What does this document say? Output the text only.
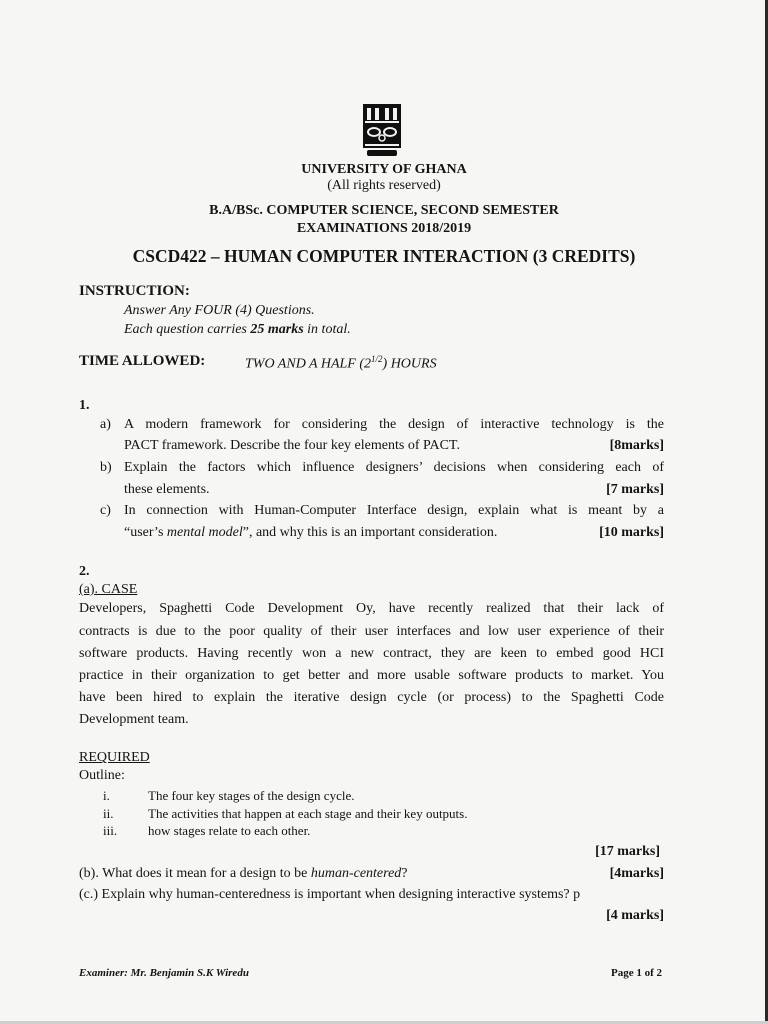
UNIVERSITY OF GHANA
(All rights reserved)
B.A/BSc. COMPUTER SCIENCE, SECOND SEMESTER
EXAMINATIONS 2018/2019
CSCD422 – HUMAN COMPUTER INTERACTION (3 CREDITS)
INSTRUCTION:
Answer Any FOUR (4) Questions.
Each question carries 25 marks in total.
TIME ALLOWED:	TWO AND A HALF $(2^{1/2})$ HOURS
1.
a) A modern framework for considering the design of interactive technology is the
PACT framework. Describe the four key elements of PACT.	[8marks]
b) Explain the factors which influence designers’ decisions when considering each of
these elements.	[7 marks]
c) In connection with Human-Computer Interface design, explain what is meant by a
“user’s mental model”, and why this is an important consideration.	[10 marks]
2.
(a). CASE
Developers, Spaghetti Code Development Oy, have recently realized that their lack of
contracts is due to the poor quality of their user interfaces and low user experience of their
software products. Having recently won a new contract, they are keen to embed good HCI
practice in their organization to get better and more usable software products to market. You
have been hired to explain the iterative design cycle (or process) to the Spaghetti Code
Development team.
REQUIRED
Outline:
i.	The four key stages of the design cycle.
ii.	The activities that happen at each stage and their key outputs.
iii. how stages relate to each other.
[17 marks]
(b). What does it mean for a design to be human-centered?	[4marks]
(c.) Explain why human-centeredness is important when designing interactive systems? p
[4 marks]
Examiner: Mr. Benjamin S.K Wiredu	Page 1 of 2
